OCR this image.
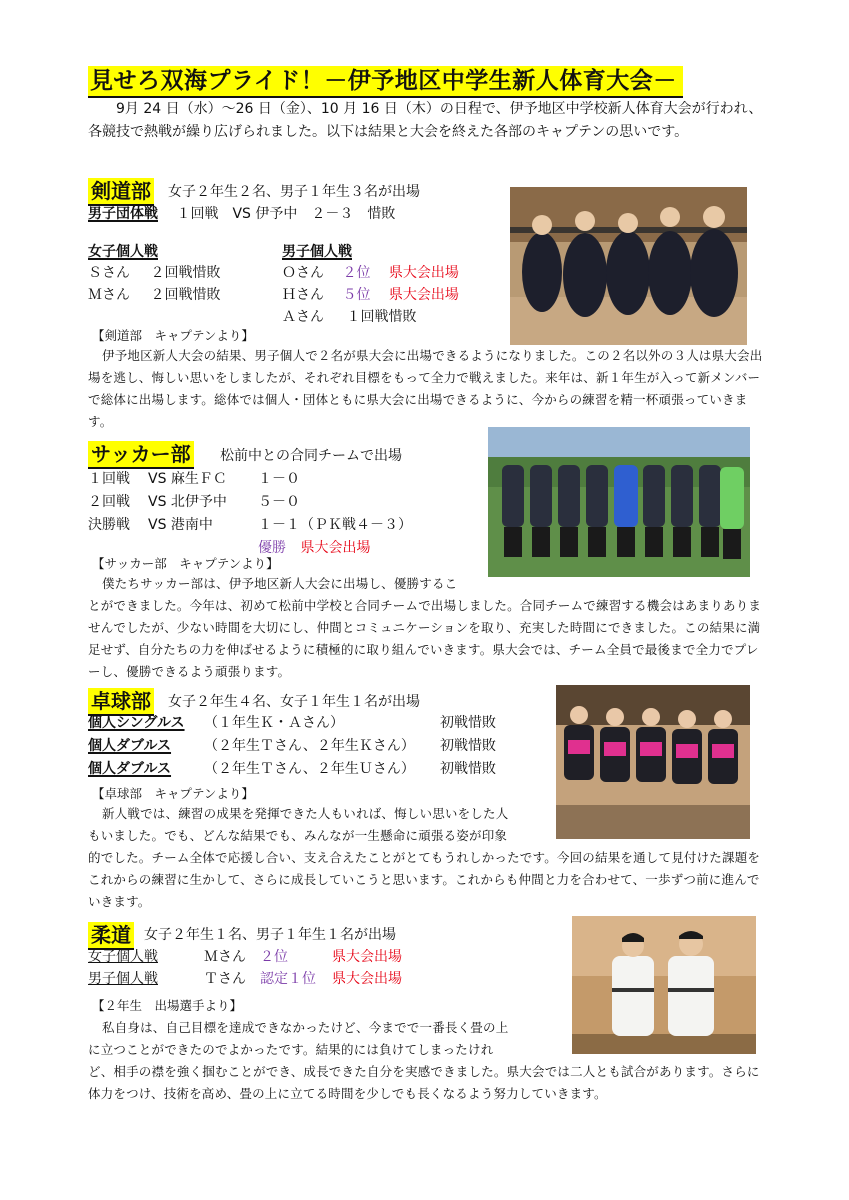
見せろ双海プライド！－伊予地区中学生新人体育大会－
9月 24 日（水）～26 日（金）、10 月 16 日（木）の日程で、伊予地区中学校新人体育大会が行われ、各競技で熱戦が繰り広げられました。以下は結果と大会を終えた各部のキャプテンの思いです。
剣道部 女子２年生２名、男子１年生３名が出場
男子団体戦 １回戦　VS 伊予中　２－３　惜敗
女子個人戦
Ｓさん ２回戦惜敗
Ｍさん ２回戦惜敗
男子個人戦
Ｏさん ２位 県大会出場
Ｈさん ５位 県大会出場
Ａさん １回戦惜敗
【剣道部　キャプテンより】
伊予地区新人大会の結果、男子個人で２名が県大会に出場できるようになりました。この２名以外の３人は県大会出場を逃し、悔しい思いをしましたが、それぞれ目標をもって全力で戦えました。来年は、新１年生が入って新メンバーで総体に出場します。総体では個人・団体ともに県大会に出場できるように、今からの練習を精一杯頑張っていきます。
サッカー部 松前中との合同チームで出場
１回戦 VS 麻生ＦＣ １－０
２回戦 VS 北伊予中 ５－０
決勝戦 VS 港南中	１－１（ＰＫ戦４－３）
優勝 県大会出場
【サッカー部　キャプテンより】
僕たちサッカー部は、伊予地区新人大会に出場し、優勝するこ
とができました。今年は、初めて松前中学校と合同チームで出場しました。合同チームで練習する機会はあまりありませんでしたが、少ない時間を大切にし、仲間とコミュニケーションを取り、充実した時間にできました。この結果に満足せず、自分たちの力を伸ばせるように積極的に取り組んでいきます。県大会では、チーム全員で最後まで全力でプレーし、優勝できるよう頑張ります。
卓球部 女子２年生４名、女子１年生１名が出場
個人シングルス （１年生Ｋ・Ａさん）	初戦惜敗
個人ダブルス （２年生Ｔさん、２年生Ｋさん） 初戦惜敗
個人ダブルス （２年生Ｔさん、２年生Ｕさん） 初戦惜敗
【卓球部　キャプテンより】
新人戦では、練習の成果を発揮できた人もいれば、悔しい思いをした人
もいました。でも、どんな結果でも、みんなが一生懸命に頑張る姿が印象
的でした。チーム全体で応援し合い、支え合えたことがとてもうれしかったです。今回の結果を通して見付けた課題をこれからの練習に生かして、さらに成長していこうと思います。これからも仲間と力を合わせて、一歩ずつ前に進んでいきます。
柔道 女子２年生１名、男子１年生１名が出場
女子個人戦	Ｍさん ２位	県大会出場
男子個人戦	Ｔさん 認定１位 県大会出場
【２年生　出場選手より】
私自身は、自己目標を達成できなかったけど、今までで一番長く畳の上
に立つことができたのでよかったです。結果的には負けてしまったけれ
ど、相手の襟を強く掴むことができ、成長できた自分を実感できました。県大会では二人とも試合があります。さらに体力をつけ、技術を高め、畳の上に立てる時間を少しでも長くなるよう努力していきます。
